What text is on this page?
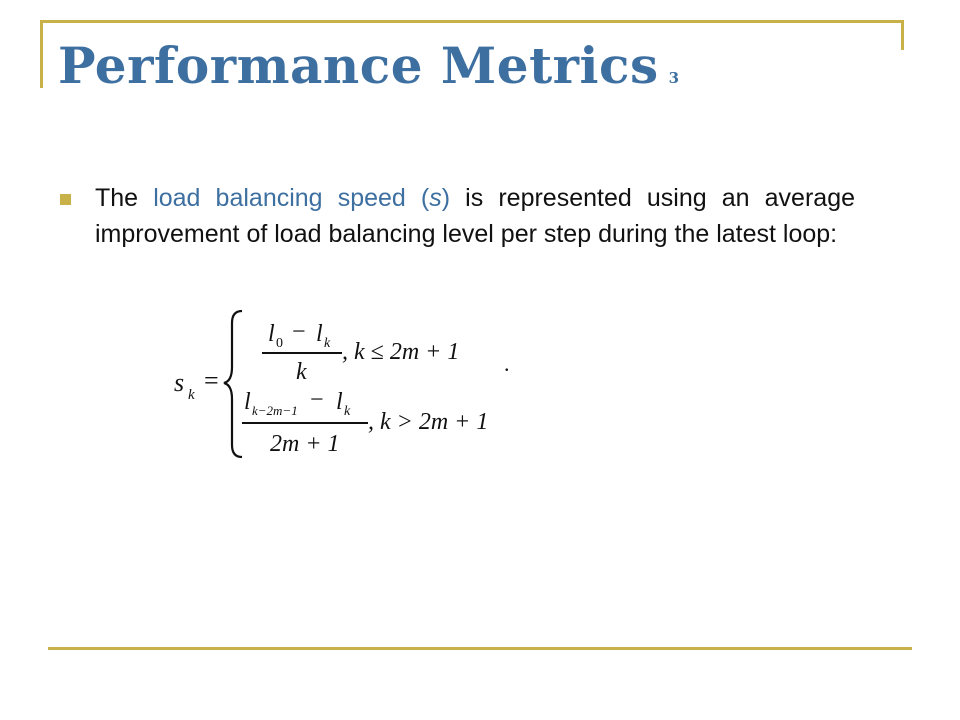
Performance Metrics 3
The load balancing speed (s) is represented using an average improvement of load balancing level per step during the latest loop:
s k =
l 0 − l k
k
, k ≤ 2m + 1 .
l k−2m−1 − l k
2m + 1
, k > 2m + 1
